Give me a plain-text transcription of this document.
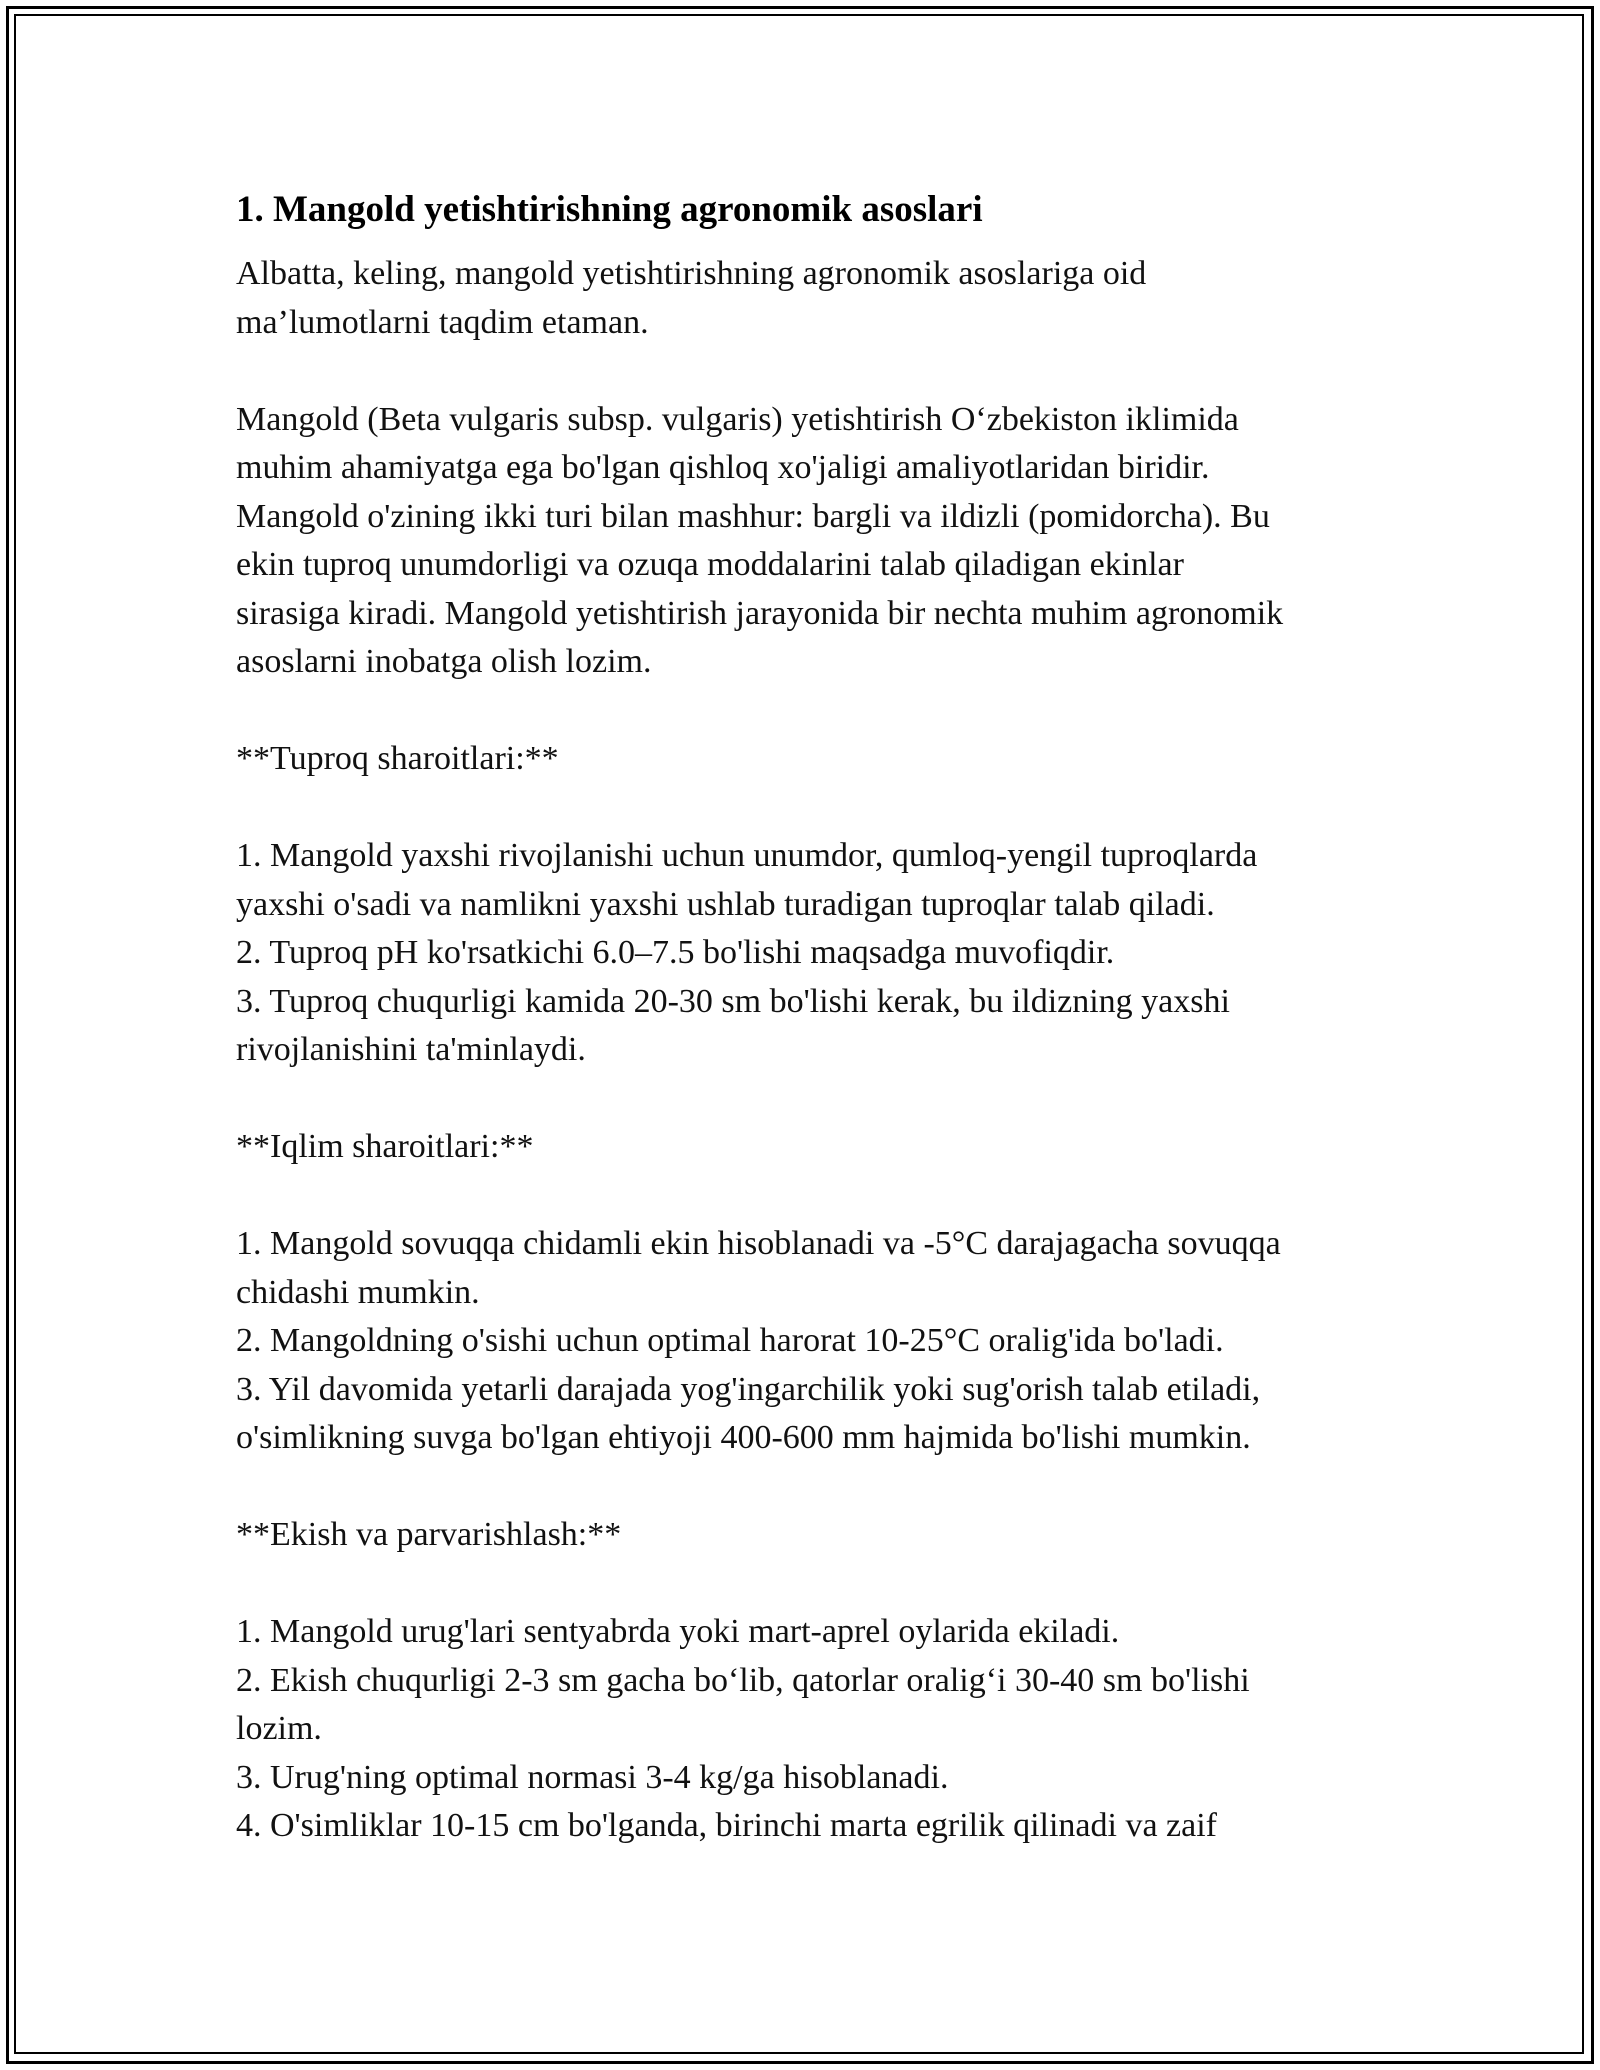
1. Mangold yetishtirishning agronomik asoslari

Albatta, keling, mangold yetishtirishning agronomik asoslariga oid

ma’lumotlarni taqdim etaman.

Mangold (Beta vulgaris subsp. vulgaris) yetishtirish O‘zbekiston iklimida

muhim ahamiyatga ega bo'lgan qishloq xo'jaligi amaliyotlaridan biridir.

Mangold o'zining ikki turi bilan mashhur: bargli va ildizli (pomidorcha). Bu

ekin tuproq unumdorligi va ozuqa moddalarini talab qiladigan ekinlar

sirasiga kiradi. Mangold yetishtirish jarayonida bir nechta muhim agronomik

asoslarni inobatga olish lozim.

**Tuproq sharoitlari:**

1. Mangold yaxshi rivojlanishi uchun unumdor, qumloq-yengil tuproqlarda

yaxshi o'sadi va namlikni yaxshi ushlab turadigan tuproqlar talab qiladi.

2. Tuproq pH ko'rsatkichi 6.0–7.5 bo'lishi maqsadga muvofiqdir.

3. Tuproq chuqurligi kamida 20-30 sm bo'lishi kerak, bu ildizning yaxshi

rivojlanishini ta'minlaydi.

**Iqlim sharoitlari:**

1. Mangold sovuqqa chidamli ekin hisoblanadi va -5°C darajagacha sovuqqa

chidashi mumkin.

2. Mangoldning o'sishi uchun optimal harorat 10-25°C oralig'ida bo'ladi.

3. Yil davomida yetarli darajada yog'ingarchilik yoki sug'orish talab etiladi,

o'simlikning suvga bo'lgan ehtiyoji 400-600 mm hajmida bo'lishi mumkin.

**Ekish va parvarishlash:**

1. Mangold urug'lari sentyabrda yoki mart-aprel oylarida ekiladi.

2. Ekish chuqurligi 2-3 sm gacha bo‘lib, qatorlar oralig‘i 30-40 sm bo'lishi

lozim.

3. Urug'ning optimal normasi 3-4 kg/ga hisoblanadi.

4. O'simliklar 10-15 cm bo'lganda, birinchi marta egrilik qilinadi va zaif
